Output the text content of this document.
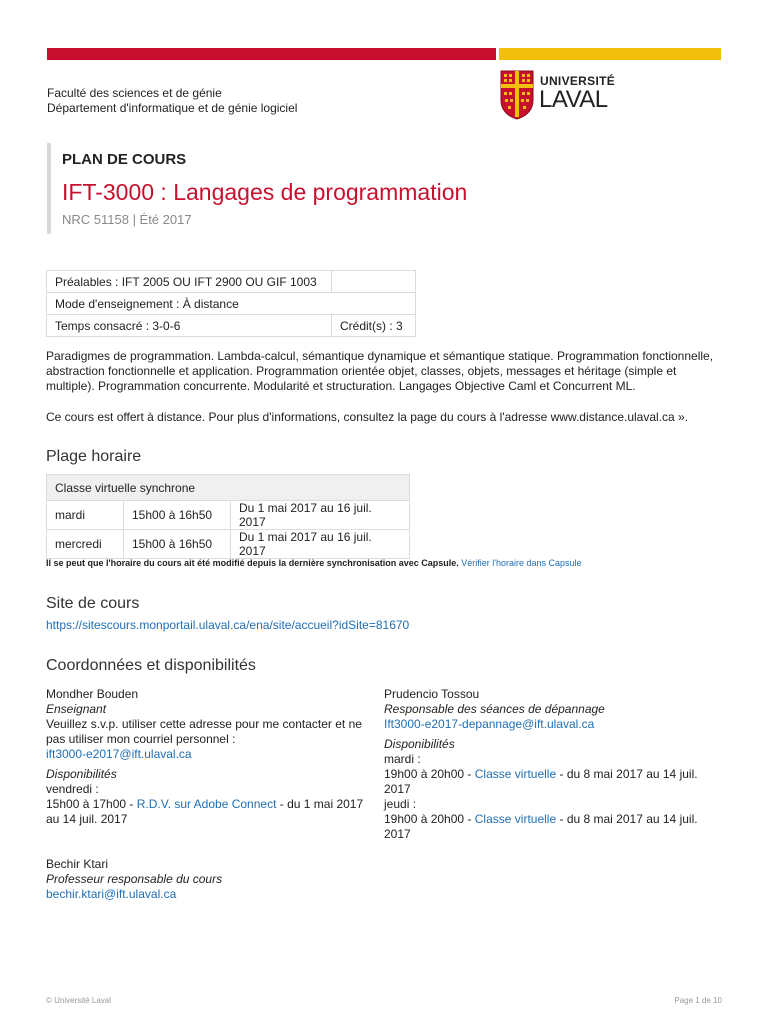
Faculté des sciences et de génie
Département d'informatique et de génie logiciel
UNIVERSITÉ
LAVAL
PLAN DE COURS
IFT-3000 : Langages de programmation
NRC 51158 | Été 2017
Préalables : IFT 2005 OU IFT 2900 OU GIF 1003	
Mode d'enseignement : À distance	
Temps consacré : 3-0-6	Crédit(s) : 3
Paradigmes de programmation. Lambda-calcul, sémantique dynamique et sémantique statique. Programmation fonctionnelle, abstraction fonctionnelle et application. Programmation orientée objet, classes, objets, messages et héritage (simple et multiple). Programmation concurrente. Modularité et structuration. Langages Objective Caml et Concurrent ML.
Ce cours est offert à distance. Pour plus d'informations, consultez la page du cours à l'adresse www.distance.ulaval.ca ».
Plage horaire
Classe virtuelle synchrone		
mardi	15h00 à 16h50	Du 1 mai 2017 au 16 juil. 2017
mercredi	15h00 à 16h50	Du 1 mai 2017 au 16 juil. 2017
Il se peut que l'horaire du cours ait été modifié depuis la dernière synchronisation avec Capsule. Vérifier l'horaire dans Capsule
Site de cours
https://sitescours.monportail.ulaval.ca/ena/site/accueil?idSite=81670
Coordonnées et disponibilités
Mondher Bouden
Enseignant
Veuillez s.v.p. utiliser cette adresse pour me contacter et ne pas utiliser mon courriel personnel :
ift3000-e2017@ift.ulaval.ca
Disponibilités
vendredi :
15h00 à 17h00 - R.D.V. sur Adobe Connect - du 1 mai 2017 au 14 juil. 2017
Prudencio Tossou
Responsable des séances de dépannage
Ift3000-e2017-depannage@ift.ulaval.ca
Disponibilités
mardi :
19h00 à 20h00 - Classe virtuelle - du 8 mai 2017 au 14 juil. 2017
jeudi :
19h00 à 20h00 - Classe virtuelle - du 8 mai 2017 au 14 juil. 2017
Bechir Ktari
Professeur responsable du cours
bechir.ktari@ift.ulaval.ca
© Université Laval	Page 1 de 10
